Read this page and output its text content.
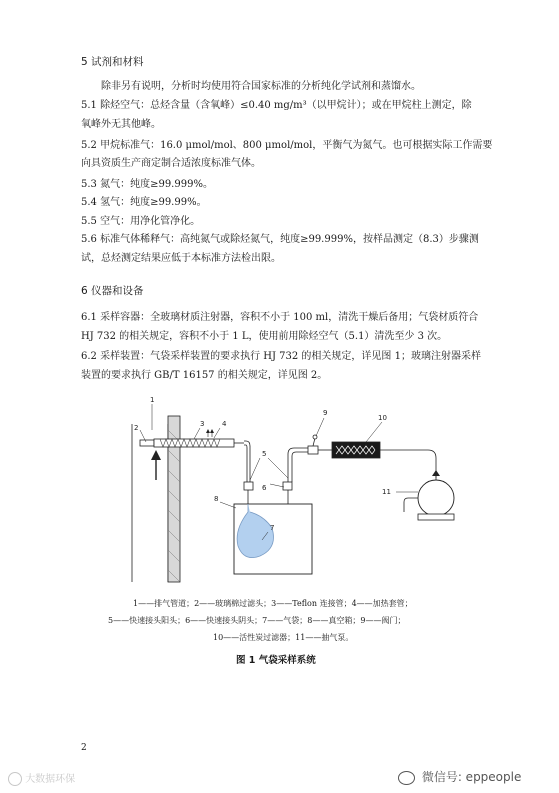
5 试剂和材料
除非另有说明，分析时均使用符合国家标准的分析纯化学试剂和蒸馏水。
5.1 除烃空气：总烃含量（含氧峰）≤0.40 mg/m³（以甲烷计）；或在甲烷柱上测定，除
氧峰外无其他峰。
5.2 甲烷标准气：16.0 μmol/mol、800 μmol/mol，平衡气为氮气。也可根据实际工作需要
向具资质生产商定制合适浓度标准气体。
5.3 氮气：纯度≥99.999%。
5.4 氢气：纯度≥99.99%。
5.5 空气：用净化管净化。
5.6 标准气体稀释气：高纯氮气或除烃氮气，纯度≥99.999%，按样品测定（8.3）步骤测
试，总烃测定结果应低于本标准方法检出限。
6 仪器和设备
6.1 采样容器：全玻璃材质注射器，容积不小于 100 ml，清洗干燥后备用；气袋材质符合
HJ 732 的相关规定，容积不小于 1 L，使用前用除烃空气（5.1）清洗至少 3 次。
6.2 采样装置：气袋采样装置的要求执行 HJ 732 的相关规定，详见图 1；玻璃注射器采样
装置的要求执行 GB/T 16157 的相关规定，详见图 2。
1
2	3	4
5
6
7
8
9
10
11
1——排气管道；2——玻璃棉过滤头；3——Teflon 连接管；4——加热套管；
5——快速接头阳头；6——快速接头阴头；7——气袋；8——真空箱；9——阀门；
10——活性炭过滤器；11——抽气泵。
图 1 气袋采样系统
2
大数据环保	微信号: eppeople
